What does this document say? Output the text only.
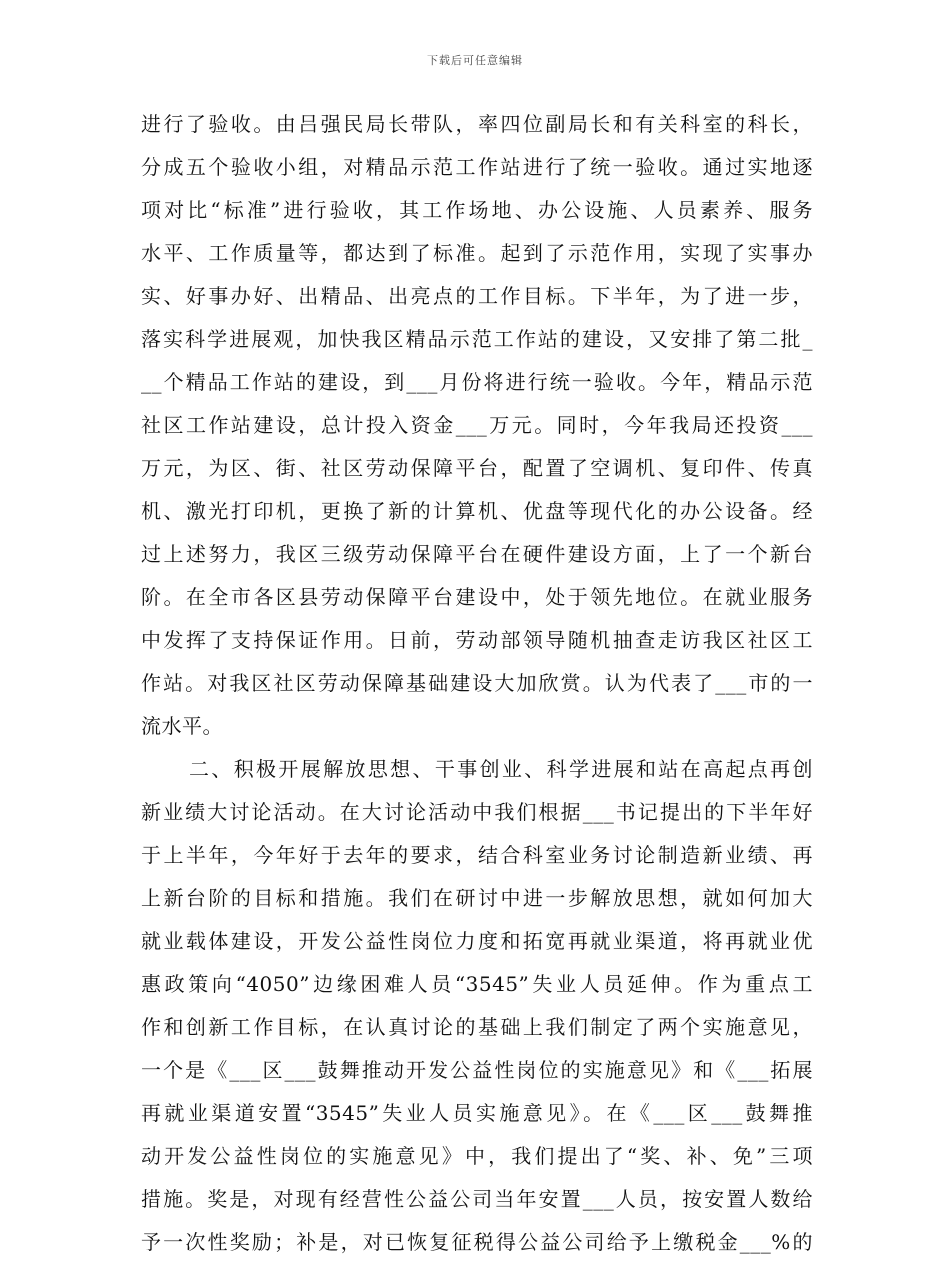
下载后可任意编辑
进行了验收。由吕强民局长带队，率四位副局长和有关科室的科长，
分成五个验收小组，对精品示范工作站进行了统一验收。通过实地逐
项对比“标准”进行验收，其工作场地、办公设施、人员素养、服务
水平、工作质量等，都达到了标准。起到了示范作用，实现了实事办
实、好事办好、出精品、出亮点的工作目标。下半年，为了进一步，
落实科学进展观，加快我区精品示范工作站的建设，又安排了第二批_
__个精品工作站的建设，到___月份将进行统一验收。今年，精品示范
社区工作站建设，总计投入资金___万元。同时，今年我局还投资___
万元，为区、街、社区劳动保障平台，配置了空调机、复印件、传真
机、激光打印机，更换了新的计算机、优盘等现代化的办公设备。经
过上述努力，我区三级劳动保障平台在硬件建设方面，上了一个新台
阶。在全市各区县劳动保障平台建设中，处于领先地位。在就业服务
中发挥了支持保证作用。日前，劳动部领导随机抽查走访我区社区工
作站。对我区社区劳动保障基础建设大加欣赏。认为代表了___市的一
流水平。
二、积极开展解放思想、干事创业、科学进展和站在高起点再创
新业绩大讨论活动。在大讨论活动中我们根据___书记提出的下半年好
于上半年，今年好于去年的要求，结合科室业务讨论制造新业绩、再
上新台阶的目标和措施。我们在研讨中进一步解放思想，就如何加大
就业载体建设，开发公益性岗位力度和拓宽再就业渠道，将再就业优
惠政策向“4050”边缘困难人员“3545”失业人员延伸。作为重点工
作和创新工作目标，在认真讨论的基础上我们制定了两个实施意见，
一个是《___区___鼓舞推动开发公益性岗位的实施意见》和《___拓展
再就业渠道安置“3545”失业人员实施意见》。在《___区___鼓舞推
动开发公益性岗位的实施意见》中，我们提出了“奖、补、免”三项
措施。奖是，对现有经营性公益公司当年安置___人员，按安置人数给
予一次性奖励；补是，对已恢复征税得公益公司给予上缴税金___%的
